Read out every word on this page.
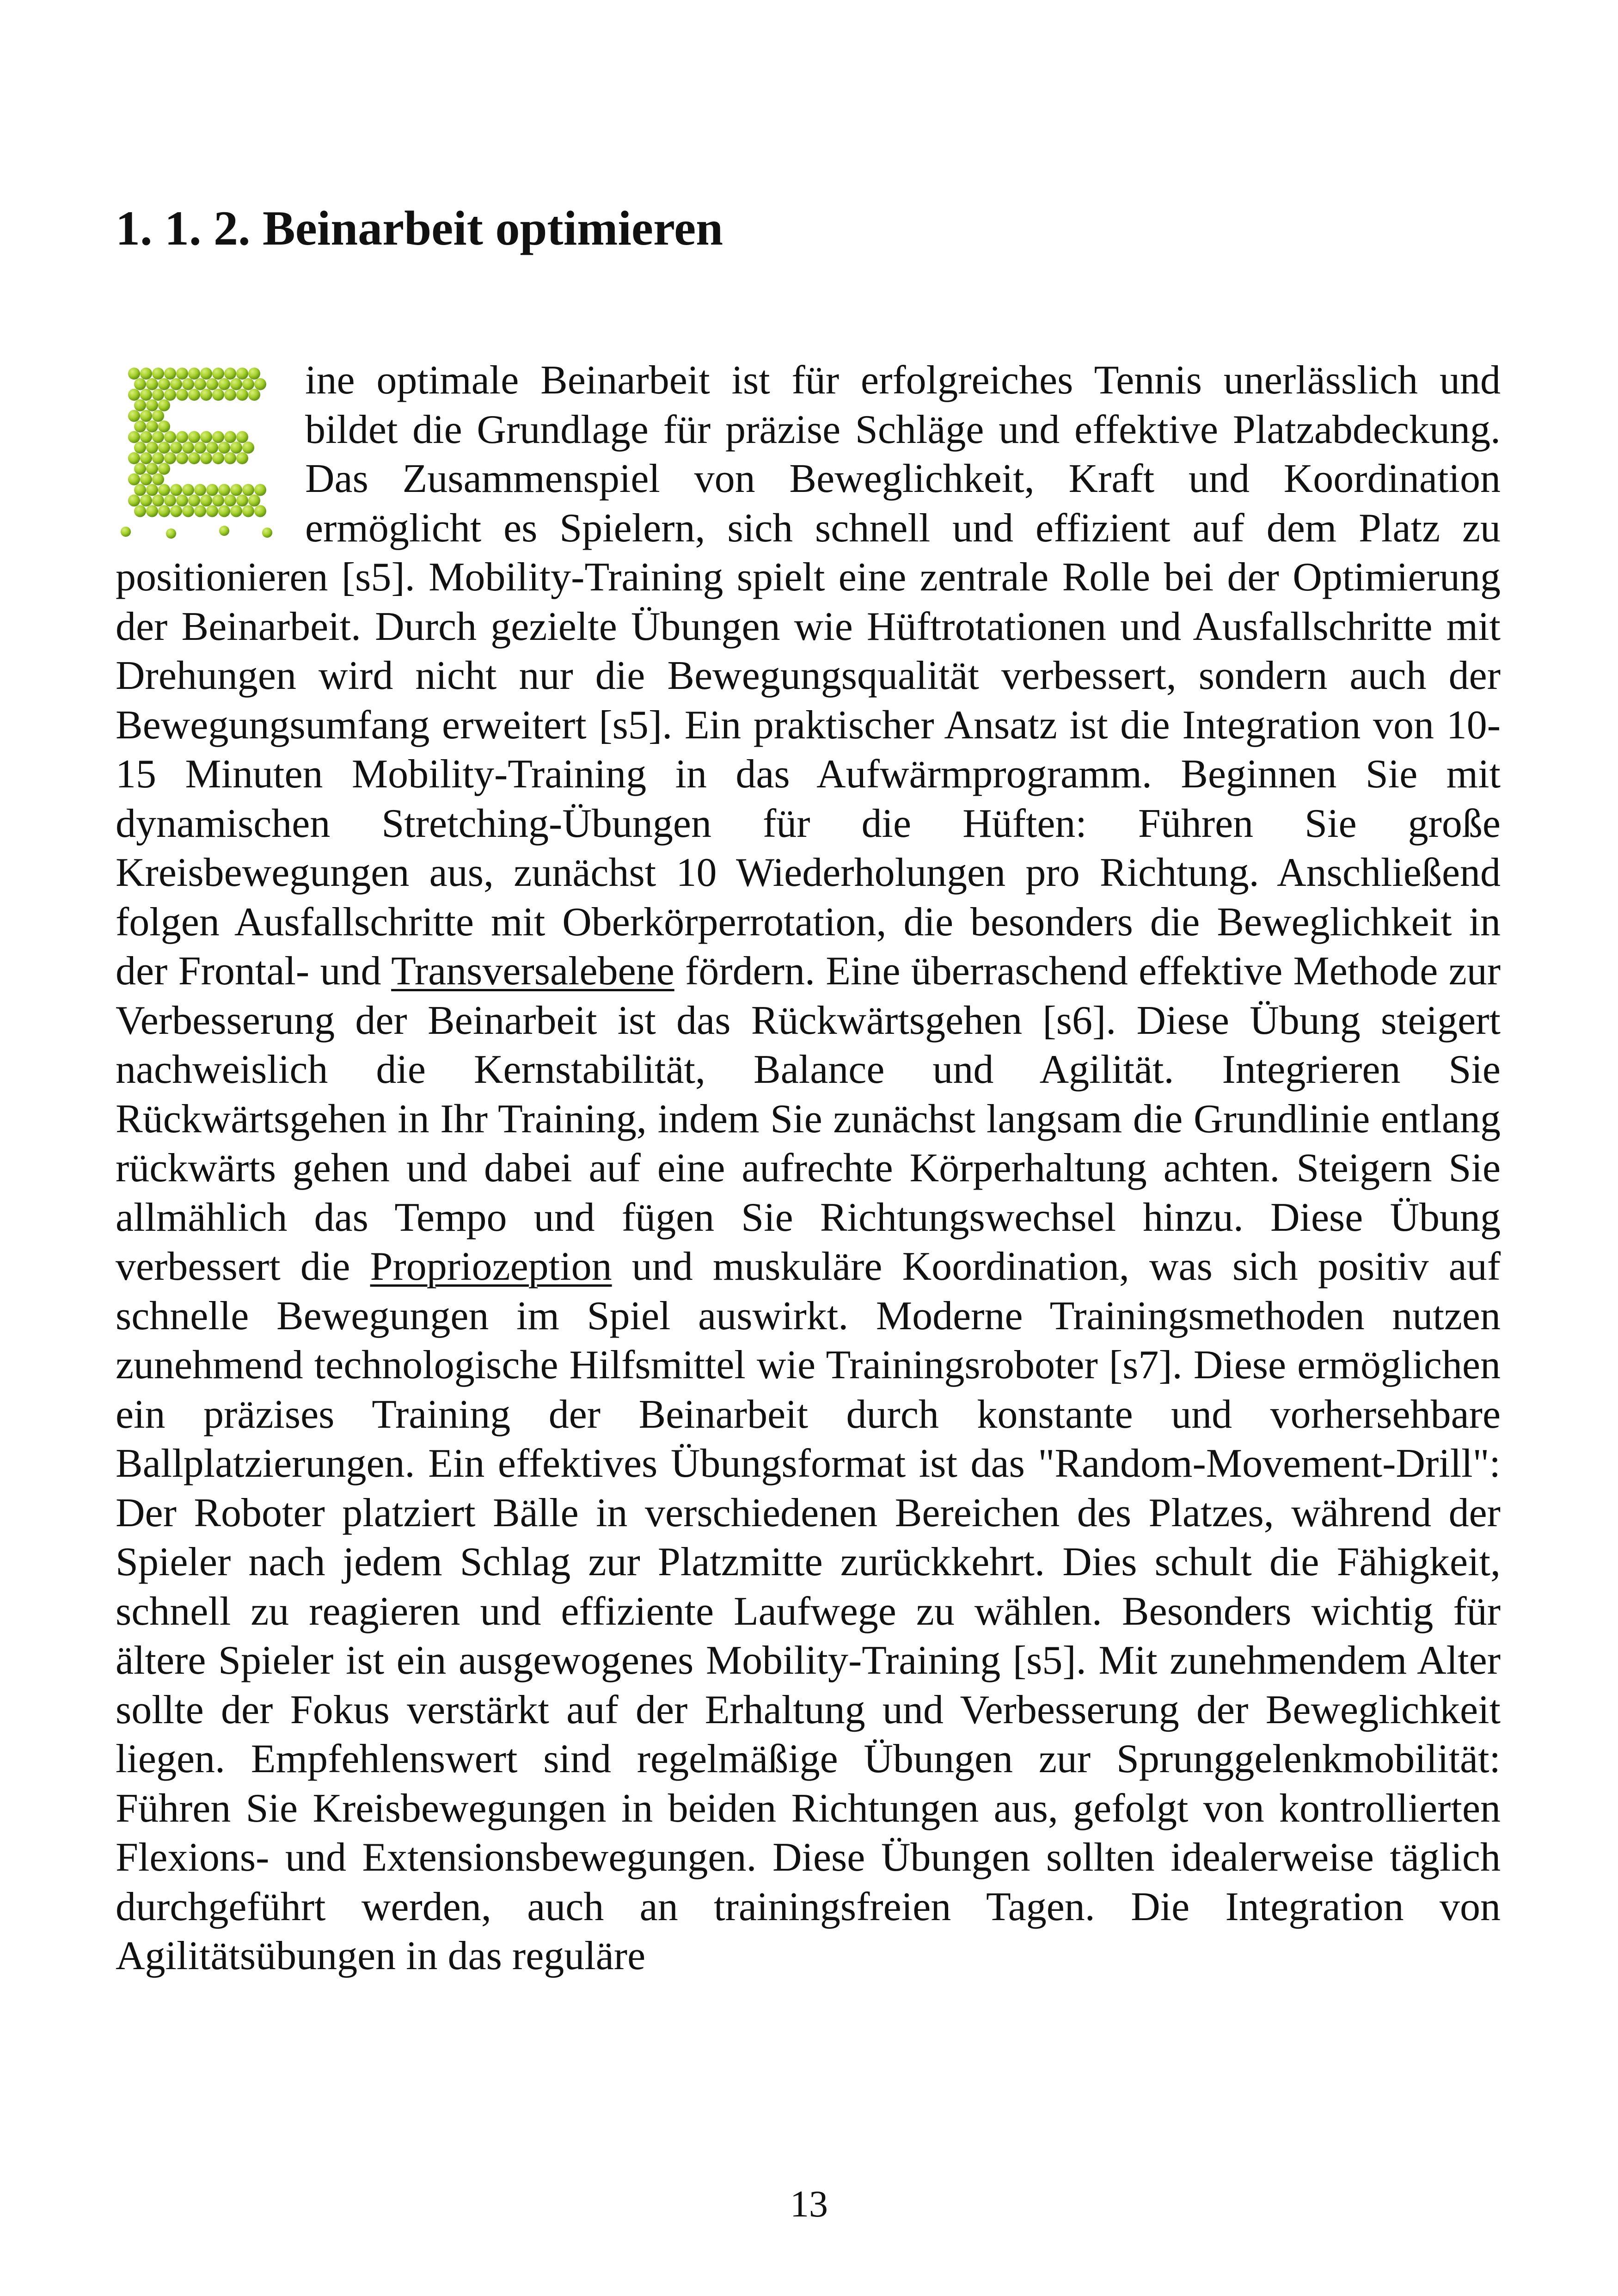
1. 1. 2. Beinarbeit optimieren

ine optimale Beinarbeit ist für erfolgreiches Tennis unerlässlich und bildet die Grundlage für präzise Schläge und effektive Platzabdeckung. Das Zusammenspiel von Beweglichkeit, Kraft und Koordination ermöglicht es Spielern, sich schnell und effizient auf dem Platz zu positionieren [s5]. Mobility-Training spielt eine zentrale Rolle bei der Optimierung der Beinarbeit. Durch gezielte Übungen wie Hüftrotationen und Ausfallschritte mit Drehungen wird nicht nur die Bewegungsqualität verbessert, sondern auch der Bewegungsumfang erweitert [s5]. Ein praktischer Ansatz ist die Integration von 10-15 Minuten Mobility-Training in das Aufwärmprogramm. Beginnen Sie mit dynamischen Stretching-Übungen für die Hüften: Führen Sie große Kreisbewegungen aus, zunächst 10 Wiederholungen pro Richtung. Anschließend folgen Ausfallschritte mit Oberkörperrotation, die besonders die Beweglichkeit in der Frontal- und Transversalebene fördern. Eine überraschend effektive Methode zur Verbesserung der Beinarbeit ist das Rückwärtsgehen [s6]. Diese Übung steigert nachweislich die Kernstabilität, Balance und Agilität. Integrieren Sie Rückwärtsgehen in Ihr Training, indem Sie zunächst langsam die Grundlinie entlang rückwärts gehen und dabei auf eine aufrechte Körperhaltung achten. Steigern Sie allmählich das Tempo und fügen Sie Richtungswechsel hinzu. Diese Übung verbessert die Propriozeption und muskuläre Koordination, was sich positiv auf schnelle Bewegungen im Spiel auswirkt. Moderne Trainingsmethoden nutzen zunehmend technologische Hilfsmittel wie Trainingsroboter [s7]. Diese ermöglichen ein präzises Training der Beinarbeit durch konstante und vorhersehbare Ballplatzierungen. Ein effektives Übungsformat ist das "Random-Movement-Drill": Der Roboter platziert Bälle in verschiedenen Bereichen des Platzes, während der Spieler nach jedem Schlag zur Platzmitte zurückkehrt. Dies schult die Fähigkeit, schnell zu reagieren und effiziente Laufwege zu wählen. Besonders wichtig für ältere Spieler ist ein ausgewogenes Mobility-Training [s5]. Mit zunehmendem Alter sollte der Fokus verstärkt auf der Erhaltung und Verbesserung der Beweglichkeit liegen. Empfehlenswert sind regelmäßige Übungen zur Sprunggelenkmobilität: Führen Sie Kreisbewegungen in beiden Richtungen aus, gefolgt von kontrollierten Flexions- und Extensionsbewegungen. Diese Übungen sollten idealerweise täglich durchgeführt werden, auch an trainingsfreien Tagen. Die Integration von Agilitätsübungen in das reguläre

13
